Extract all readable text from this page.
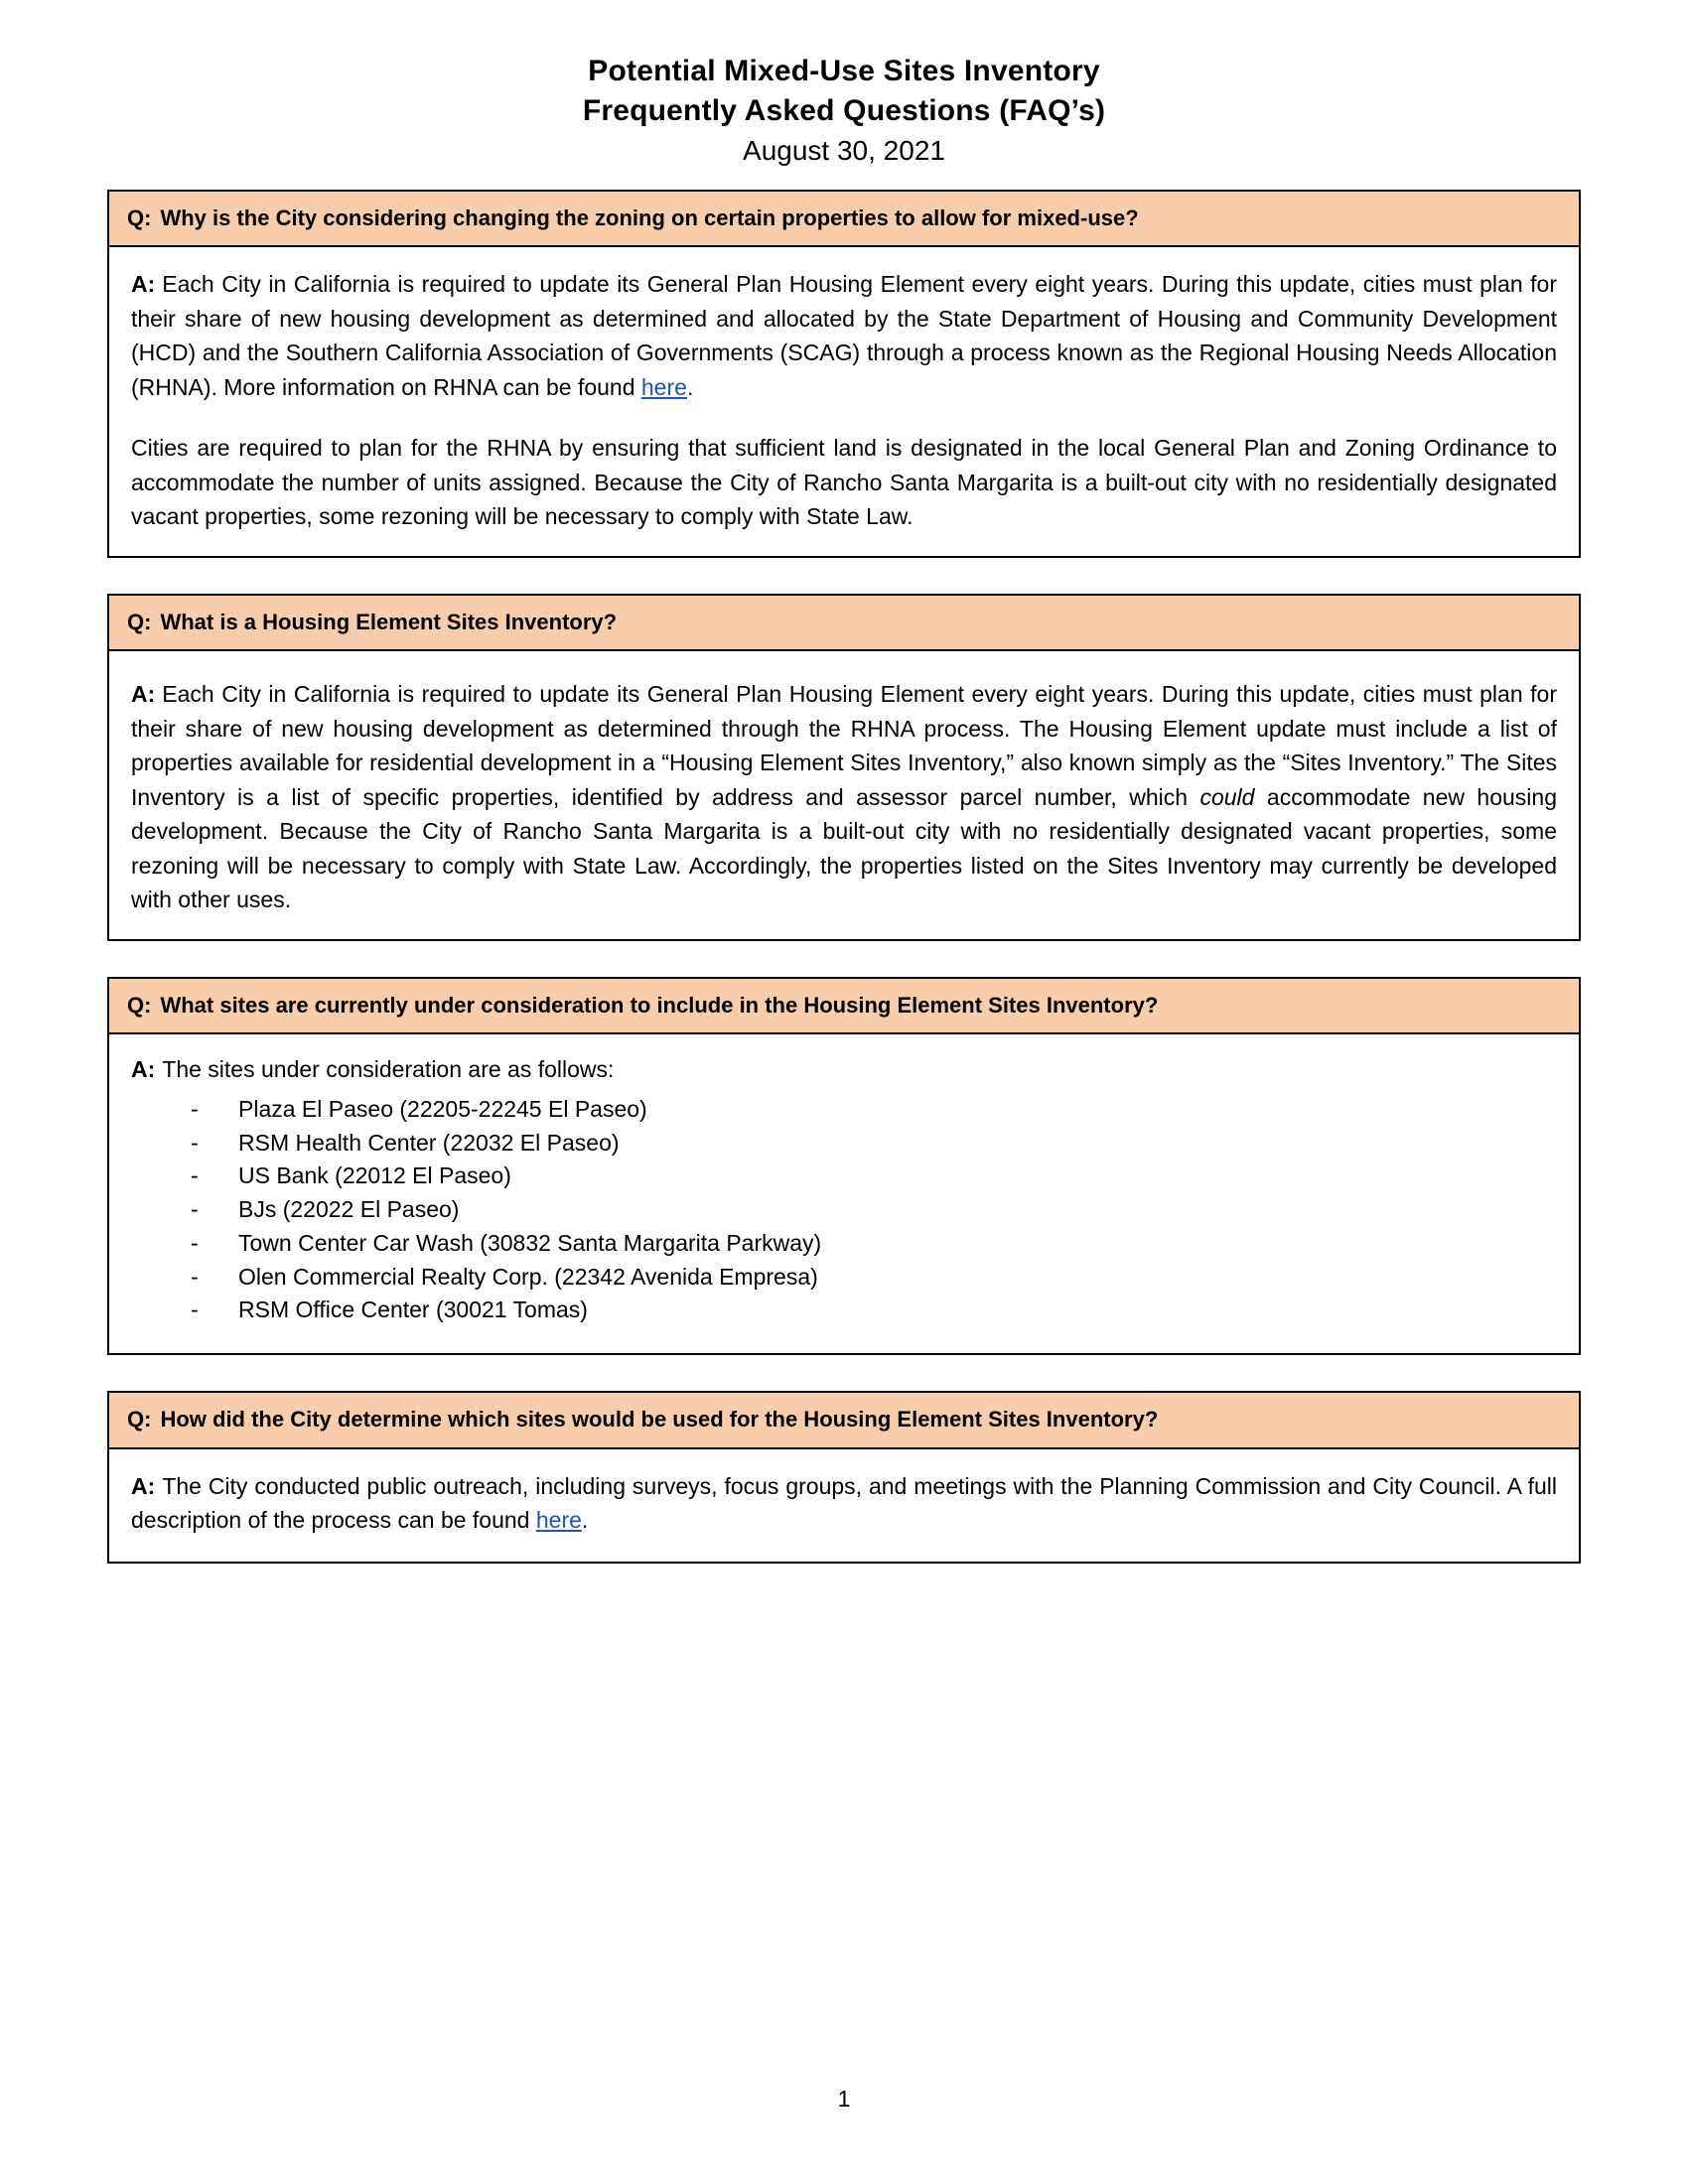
Potential Mixed-Use Sites Inventory
Frequently Asked Questions (FAQ’s)
August 30, 2021
Q: Why is the City considering changing the zoning on certain properties to allow for mixed-use?

A: Each City in California is required to update its General Plan Housing Element every eight years. During this update, cities must plan for their share of new housing development as determined and allocated by the State Department of Housing and Community Development (HCD) and the Southern California Association of Governments (SCAG) through a process known as the Regional Housing Needs Allocation (RHNA). More information on RHNA can be found here.

Cities are required to plan for the RHNA by ensuring that sufficient land is designated in the local General Plan and Zoning Ordinance to accommodate the number of units assigned. Because the City of Rancho Santa Margarita is a built-out city with no residentially designated vacant properties, some rezoning will be necessary to comply with State Law.

Q: What is a Housing Element Sites Inventory?

A: Each City in California is required to update its General Plan Housing Element every eight years. During this update, cities must plan for their share of new housing development as determined through the RHNA process. The Housing Element update must include a list of properties available for residential development in a “Housing Element Sites Inventory,” also known simply as the “Sites Inventory.” The Sites Inventory is a list of specific properties, identified by address and assessor parcel number, which could accommodate new housing development. Because the City of Rancho Santa Margarita is a built-out city with no residentially designated vacant properties, some rezoning will be necessary to comply with State Law. Accordingly, the properties listed on the Sites Inventory may currently be developed with other uses.

Q: What sites are currently under consideration to include in the Housing Element Sites Inventory?

A: The sites under consideration are as follows:

- Plaza El Paseo (22205-22245 El Paseo)
- RSM Health Center (22032 El Paseo)
- US Bank (22012 El Paseo)
- BJs (22022 El Paseo)
- Town Center Car Wash (30832 Santa Margarita Parkway)
- Olen Commercial Realty Corp. (22342 Avenida Empresa)
- RSM Office Center (30021 Tomas)
Q: How did the City determine which sites would be used for the Housing Element Sites Inventory?

A: The City conducted public outreach, including surveys, focus groups, and meetings with the Planning Commission and City Council. A full description of the process can be found here.

1
